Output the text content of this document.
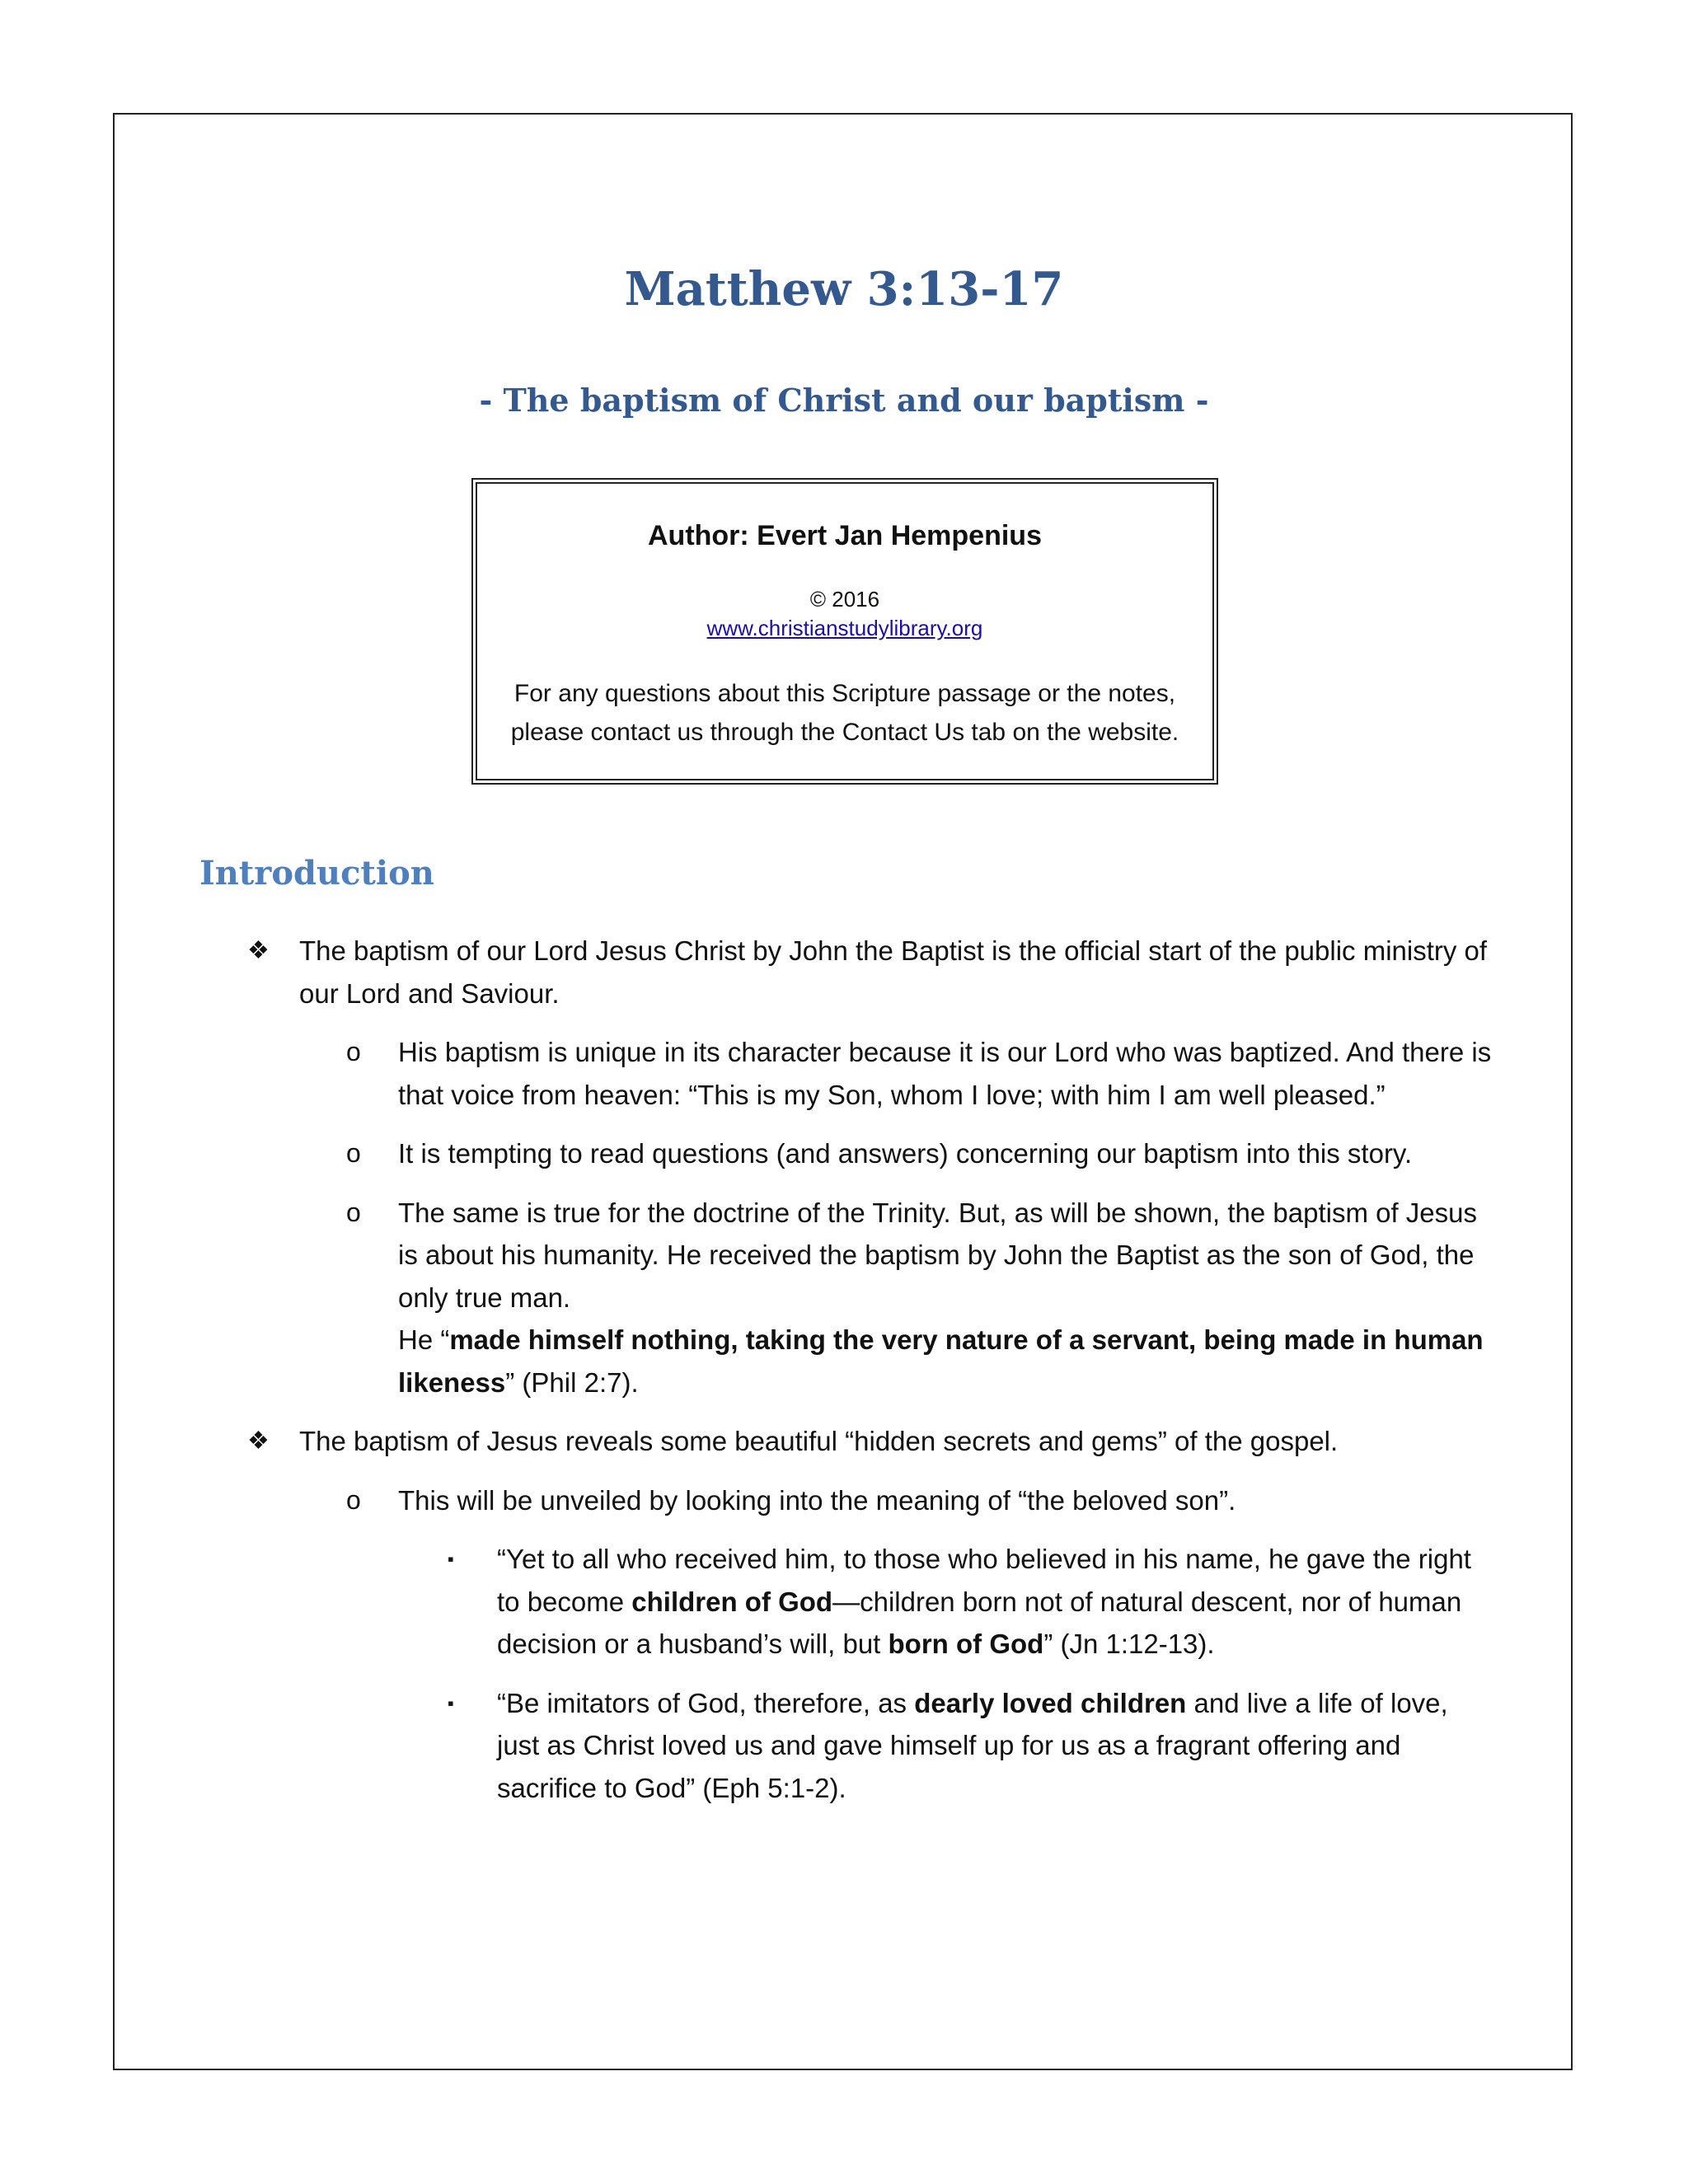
Matthew 3:13-17
- The baptism of Christ and our baptism -
Author: Evert Jan Hempenius
© 2016
www.christianstudylibrary.org
For any questions about this Scripture passage or the notes,
please contact us through the Contact Us tab on the website.
Introduction
❖ The baptism of our Lord Jesus Christ by John the Baptist is the official start of the public ministry of our Lord and Saviour.
o His baptism is unique in its character because it is our Lord who was baptized. And there is that voice from heaven: “This is my Son, whom I love; with him I am well pleased.”
o It is tempting to read questions (and answers) concerning our baptism into this story.
o The same is true for the doctrine of the Trinity. But, as will be shown, the baptism of Jesus is about his humanity. He received the baptism by John the Baptist as the son of God, the only true man.
He “made himself nothing, taking the very nature of a servant, being made in human likeness” (Phil 2:7).
❖ The baptism of Jesus reveals some beautiful “hidden secrets and gems” of the gospel.
o This will be unveiled by looking into the meaning of “the beloved son”.
▪ “Yet to all who received him, to those who believed in his name, he gave the right to become children of God—children born not of natural descent, nor of human decision or a husband’s will, but born of God” (Jn 1:12-13).
▪ “Be imitators of God, therefore, as dearly loved children and live a life of love, just as Christ loved us and gave himself up for us as a fragrant offering and sacrifice to God” (Eph 5:1-2).
